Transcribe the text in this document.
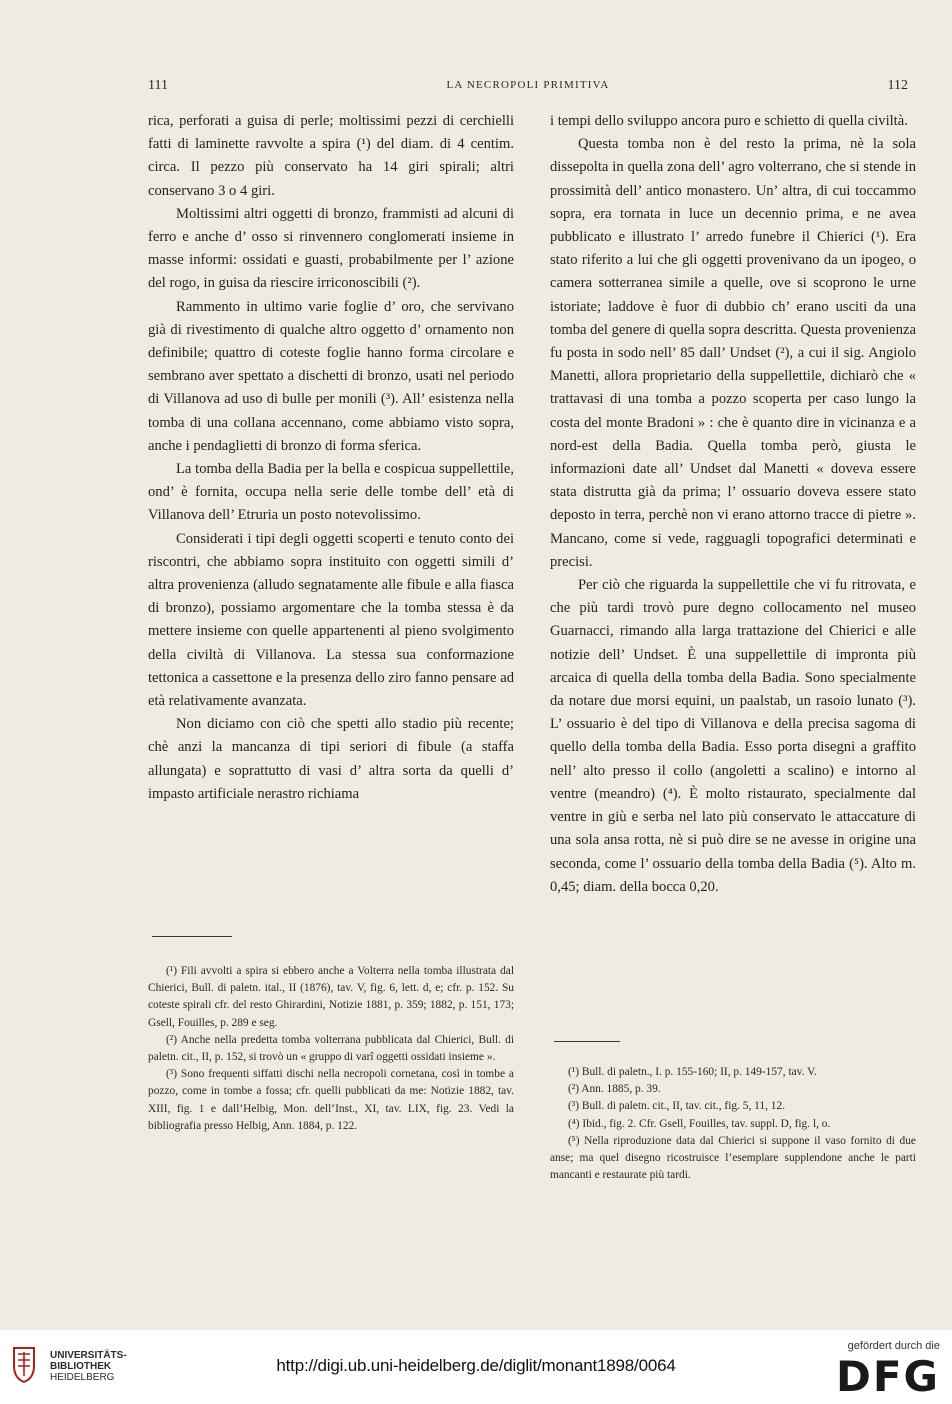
111	LA NECROPOLI PRIMITIVA	112

rica, perforati a guisa di perle; moltissimi pezzi di cerchielli fatti di laminette ravvolte a spira (¹) del diam. di 4 centim. circa. Il pezzo più conservato ha 14 giri spirali; altri conservano 3 o 4 giri.

Moltissimi altri oggetti di bronzo, frammisti ad alcuni di ferro e anche d’ osso si rinvennero conglomerati insieme in masse informi: ossidati e guasti, probabilmente per l’ azione del rogo, in guisa da riescire irriconoscibili (²).

Rammento in ultimo varie foglie d’ oro, che servivano già di rivestimento di qualche altro oggetto d’ ornamento non definibile; quattro di coteste foglie hanno forma circolare e sembrano aver spettato a dischetti di bronzo, usati nel periodo di Villanova ad uso di bulle per monili (³). All’ esistenza nella tomba di una collana accennano, come abbiamo visto sopra, anche i pendaglietti di bronzo di forma sferica.

La tomba della Badia per la bella e cospicua suppellettile, ond’ è fornita, occupa nella serie delle tombe dell’ età di Villanova dell’ Etruria un posto notevolissimo.

Considerati i tipi degli oggetti scoperti e tenuto conto dei riscontri, che abbiamo sopra instituito con oggetti simili d’ altra provenienza (alludo segnatamente alle fibule e alla fiasca di bronzo), possiamo argomentare che la tomba stessa è da mettere insieme con quelle appartenenti al pieno svolgimento della civiltà di Villanova. La stessa sua conformazione tettonica a cassettone e la presenza dello ziro fanno pensare ad età relativamente avanzata.

Non diciamo con ciò che spetti allo stadio più recente; chè anzi la mancanza di tipi seriori di fibule (a staffa allungata) e soprattutto di vasi d’ altra sorta da quelli d’ impasto artificiale nerastro richiama

i tempi dello sviluppo ancora puro e schietto di quella civiltà.

Questa tomba non è del resto la prima, nè la sola dissepolta in quella zona dell’ agro volterrano, che si stende in prossimità dell’ antico monastero. Un’ altra, di cui toccammo sopra, era tornata in luce un decennio prima, e ne avea pubblicato e illustrato l’ arredo funebre il Chierici (¹). Era stato riferito a lui che gli oggetti provenivano da un ipogeo, o camera sotterranea simile a quelle, ove si scoprono le urne istoriate; laddove è fuor di dubbio ch’ erano usciti da una tomba del genere di quella sopra descritta. Questa provenienza fu posta in sodo nell’ 85 dall’ Undset (²), a cui il sig. Angiolo Manetti, allora proprietario della suppellettile, dichiarò che « trattavasi di una tomba a pozzo scoperta per caso lungo la costa del monte Bradoni » : che è quanto dire in vicinanza e a nord-est della Badia. Quella tomba però, giusta le informazioni date all’ Undset dal Manetti « doveva essere stata distrutta già da prima; l’ ossuario doveva essere stato deposto in terra, perchè non vi erano attorno tracce di pietre ». Mancano, come si vede, ragguagli topografici determinati e precisi.

Per ciò che riguarda la suppellettile che vi fu ritrovata, e che più tardi trovò pure degno collocamento nel museo Guarnacci, rimando alla larga trattazione del Chierici e alle notizie dell’ Undset. È una suppellettile di impronta più arcaica di quella della tomba della Badia. Sono specialmente da notare due morsi equini, un paalstab, un rasoio lunato (³). L’ ossuario è del tipo di Villanova e della precisa sagoma di quello della tomba della Badia. Esso porta disegni a graffito nell’ alto presso il collo (angoletti a scalino) e intorno al ventre (meandro) (⁴). È molto ristaurato, specialmente dal ventre in giù e serba nel lato più conservato le attaccature di una sola ansa rotta, nè si può dire se ne avesse in origine una seconda, come l’ ossuario della tomba della Badia (⁵). Alto m. 0,45; diam. della bocca 0,20.

(¹) Fili avvolti a spira si ebbero anche a Volterra nella tomba illustrata dal Chierici, Bull. di paletn. ital., II (1876), tav. V, fig. 6, lett. d, e; cfr. p. 152. Su coteste spirali cfr. del resto Ghirardini, Notizie 1881, p. 359; 1882, p. 151, 173; Gsell, Fouilles, p. 289 e seg.

(²) Anche nella predetta tomba volterrana pubblicata dal Chierici, Bull. di paletn. cit., II, p. 152, si trovò un « gruppo di varî oggetti ossidati insieme ».

(³) Sono frequenti siffatti dischi nella necropoli cornetana, così in tombe a pozzo, come in tombe a fossa; cfr. quelli pubblicati da me: Notizie 1882, tav. XIII, fig. 1 e dall’Helbig, Mon. dell’Inst., XI, tav. LIX, fig. 23. Vedi la bibliografia presso Helbig, Ann. 1884, p. 122.

(¹) Bull. di paletn., I. p. 155-160; II, p. 149-157, tav. V.

(²) Ann. 1885, p. 39.

(³) Bull. di paletn. cit., II, tav. cit., fig. 5, 11, 12.

(⁴) Ibid., fig. 2. Cfr. Gsell, Fouilles, tav. suppl. D, fig. l, o.

(⁵) Nella riproduzione data dal Chierici si suppone il vaso fornito di due anse; ma quel disegno ricostruisce l’esemplare supplendone anche le parti mancanti e restaurate più tardi.

UNIVERSITÄTS-
BIBLIOTHEK
HEIDELBERG
http://digi.ub.uni-heidelberg.de/diglit/monant1898/0064
gefördert durch die
DFG
